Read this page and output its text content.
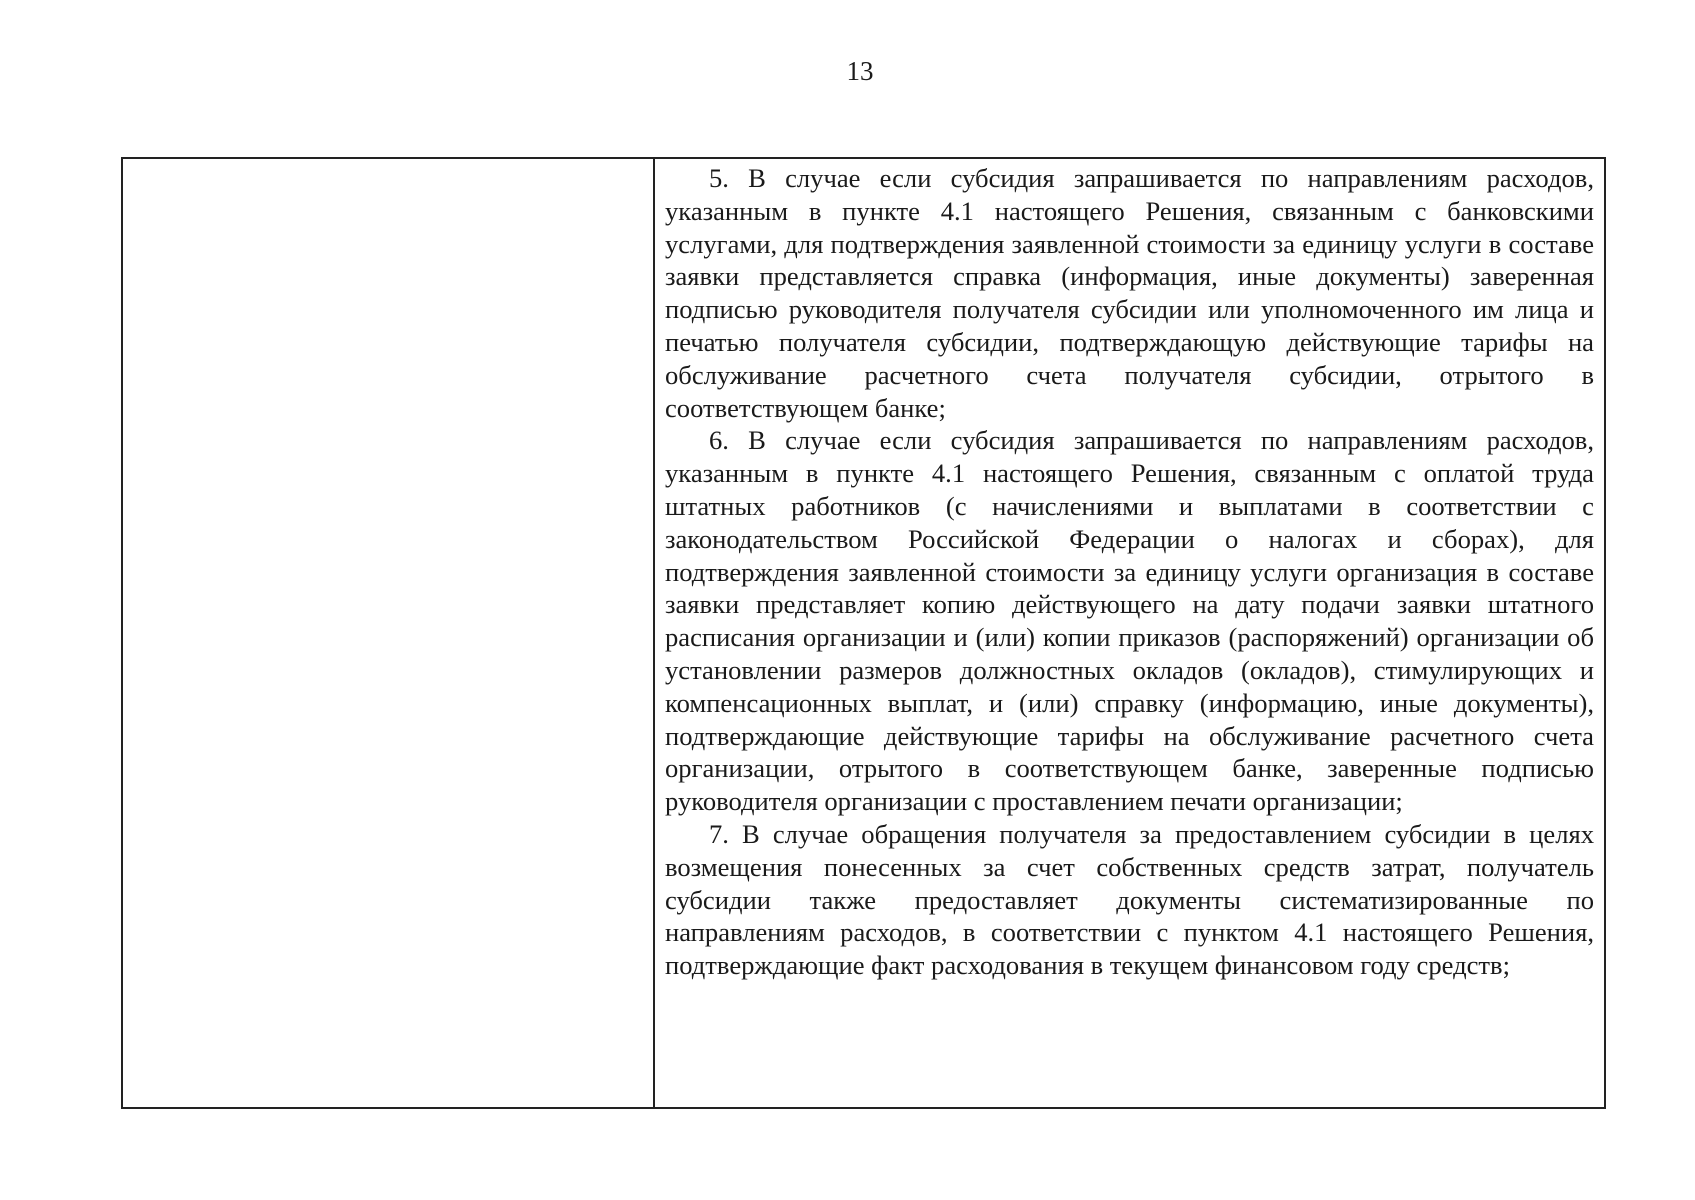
13

5. В случае если субсидия запрашивается по направлениям расходов, указанным в пункте 4.1 настоящего Решения, связанным с банковскими услугами, для подтверждения заявленной стоимости за единицу услуги в составе заявки представляется справка (информация, иные документы) заверенная подписью руководителя получателя субсидии или уполномоченного им лица и печатью получателя субсидии, подтверждающую действующие тарифы на обслуживание расчетного счета получателя субсидии, отрытого в соответствующем банке;

6. В случае если субсидия запрашивается по направлениям расходов, указанным в пункте 4.1 настоящего Решения, связанным с оплатой труда штатных работников (с начислениями и выплатами в соответствии с законодательством Российской Федерации о налогах и сборах), для подтверждения заявленной стоимости за единицу услуги организация в составе заявки представляет копию действующего на дату подачи заявки штатного расписания организации и (или) копии приказов (распоряжений) организации об установлении размеров должностных окладов (окладов), стимулирующих и компенсационных выплат, и (или) справку (информацию, иные документы), подтверждающие действующие тарифы на обслуживание расчетного счета организации, отрытого в соответствующем банке, заверенные подписью руководителя организации с проставлением печати организации;

7. В случае обращения получателя за предоставлением субсидии в целях возмещения понесенных за счет собственных средств затрат, получатель субсидии также предоставляет документы систематизированные по направлениям расходов, в соответствии с пунктом 4.1 настоящего Решения, подтверждающие факт расходования в текущем финансовом году средств;
